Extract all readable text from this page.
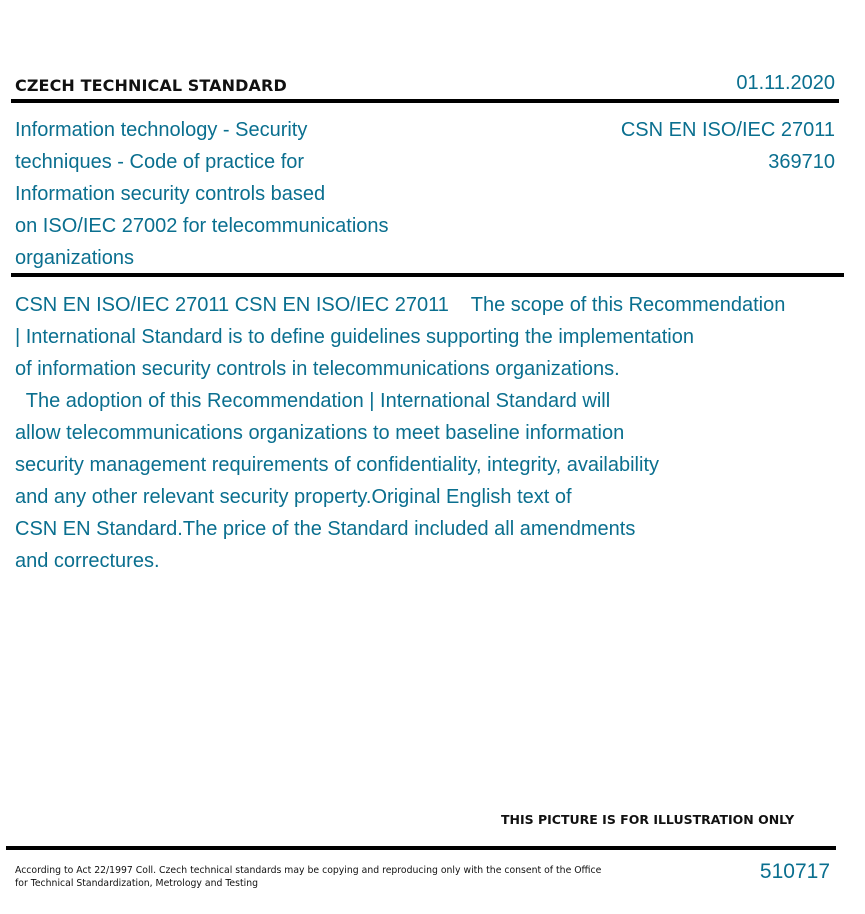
CZECH TECHNICAL STANDARD	01.11.2020
Information technology - Security
techniques - Code of practice for
Information security controls based
on ISO/IEC 27002 for telecommunications
organizations
CSN EN ISO/IEC 27011
369710
CSN EN ISO/IEC 27011 CSN EN ISO/IEC 27011    The scope of this Recommendation
| International Standard is to define guidelines supporting the implementation
of information security controls in telecommunications organizations.
The adoption of this Recommendation | International Standard will
allow telecommunications organizations to meet baseline information
security management requirements of confidentiality, integrity, availability
and any other relevant security property.Original English text of
CSN EN Standard.The price of the Standard included all amendments
and correctures.
THIS PICTURE IS FOR ILLUSTRATION ONLY
According to Act 22/1997 Coll. Czech technical standards may be copying and reproducing only with the consent of the Office
for Technical Standardization, Metrology and Testing
510717
